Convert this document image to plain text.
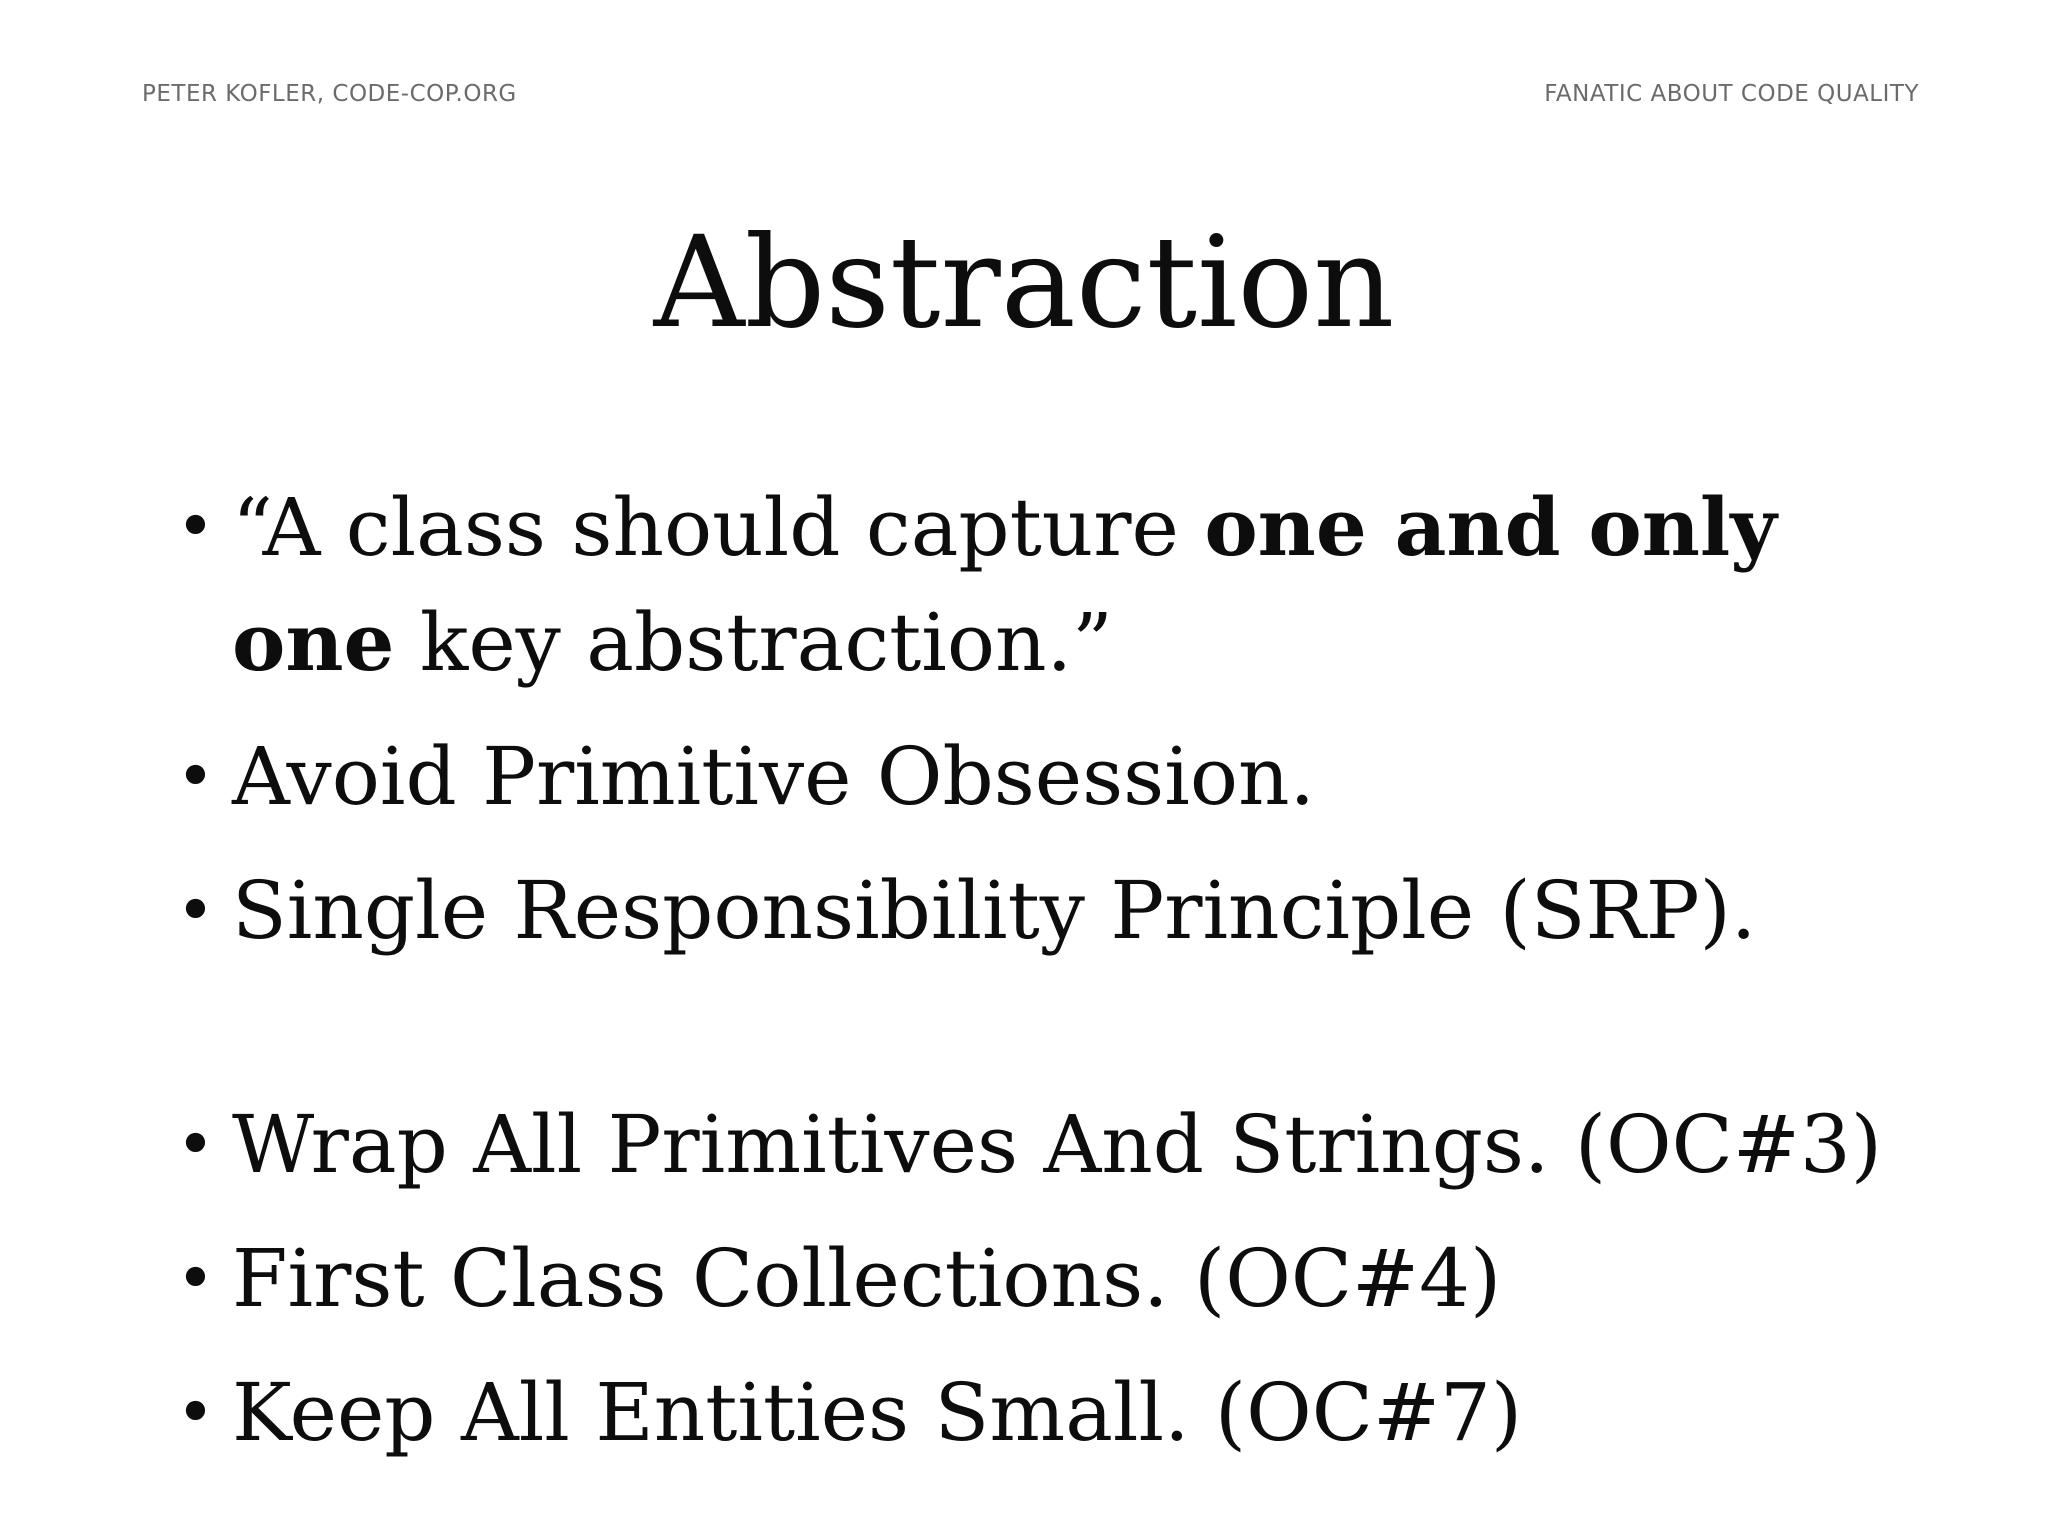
PETER KOFLER, CODE-COP.ORG	FANATIC ABOUT CODE QUALITY
Abstraction
• “A class should capture one and only one key abstraction.”
• Avoid Primitive Obsession.
• Single Responsibility Principle (SRP).
• Wrap All Primitives And Strings. (OC#3)
• First Class Collections. (OC#4)
• Keep All Entities Small. (OC#7)
